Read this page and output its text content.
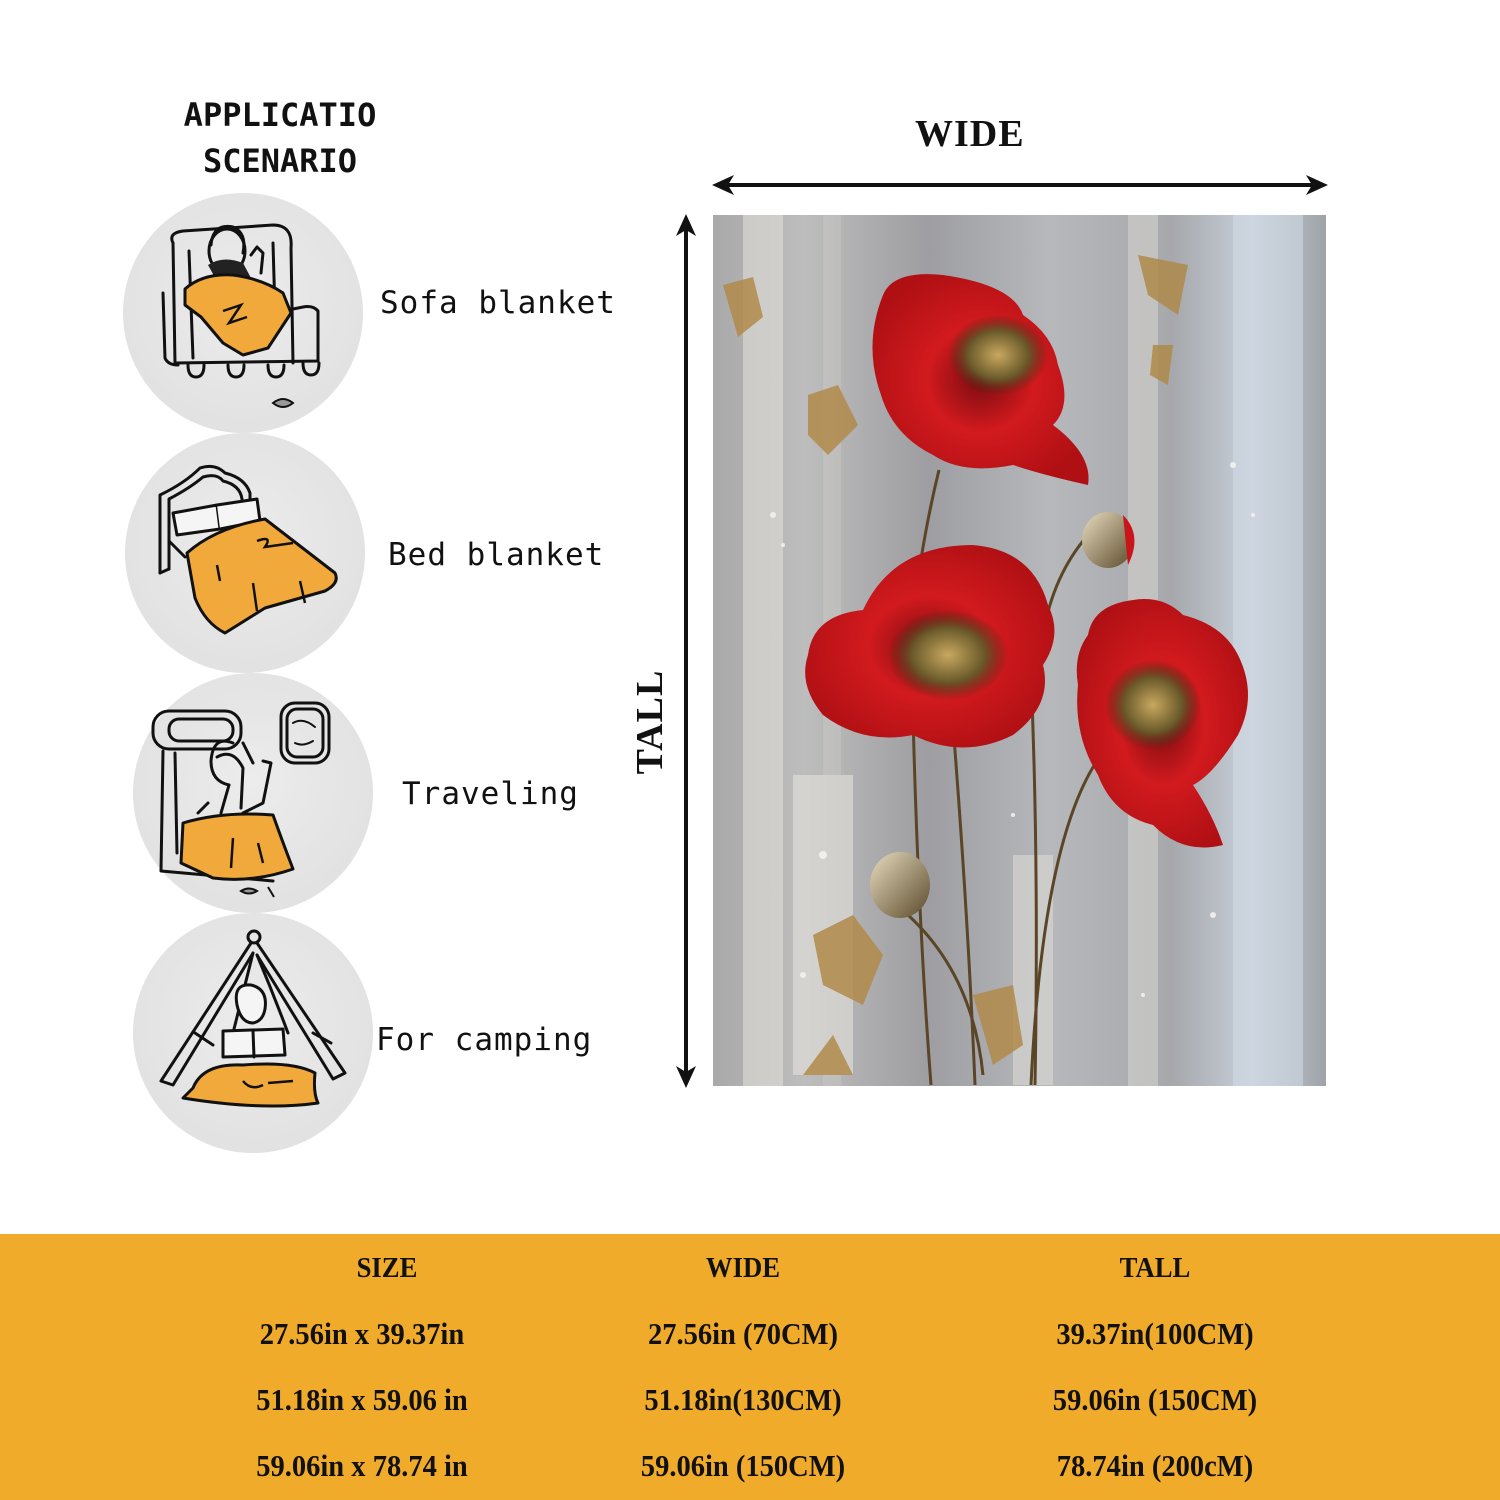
APPLICATIO
SCENARIO
Sofa blanket
Bed blanket
Traveling
For camping
WIDE
TALL
SIZE	WIDE	TALL
27.56in x 39.37in	27.56in (70CM)	39.37in(100CM)
51.18in x 59.06 in	51.18in(130CM)	59.06in (150CM)
59.06in x 78.74 in	59.06in (150CM)	78.74in (200cM)
